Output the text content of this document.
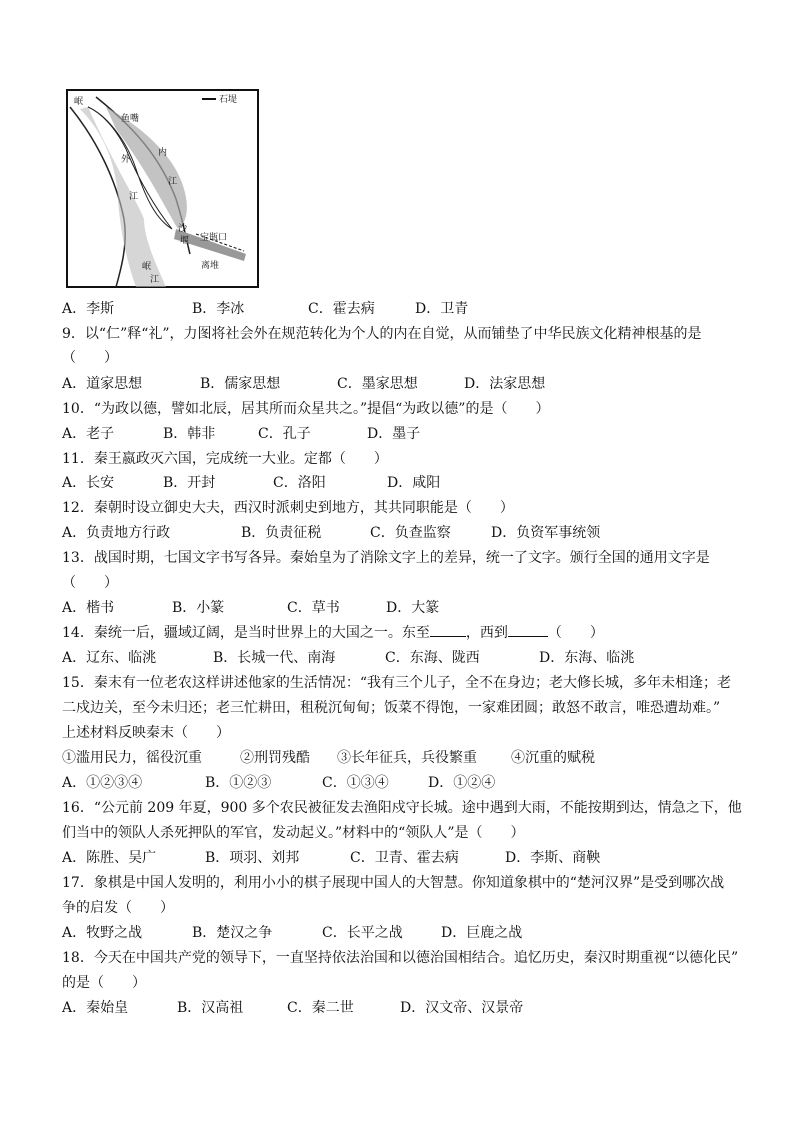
石堤
岷
鱼嘴
内
江
外
江
沙
堰 宝瓶口
离堆
岷
江
A．李斯	B．李冰	C．霍去病	D．卫青
9．以“仁”释“礼”，力图将社会外在规范转化为个人的内在自觉，从而铺垫了中华民族文化精神根基的是
（　　）
A．道家思想	B．儒家思想	C．墨家思想	D．法家思想
10．“为政以德，譬如北辰，居其所而众星共之。”提倡“为政以德”的是（　　）
A．老子	B．韩非	C．孔子	D．墨子
11．秦王嬴政灭六国，完成统一大业。定都（　　）
A．长安	B．开封	C．洛阳	D．咸阳
12．秦朝时设立御史大夫，西汉时派刺史到地方，其共同职能是（　　）
A．负责地方行政	B．负责征税	C．负查监察	D．负资军事统领
13．战国时期，七国文字书写各异。秦始皇为了消除文字上的差异，统一了文字。颁行全国的通用文字是
（　　）
A．楷书	B．小篆	C．草书	D．大篆
14．秦统一后，疆域辽阔，是当时世界上的大国之一。东至	，西到	（　　）
A．辽东、临洮	B．长城一代、南海	C．东海、陇西	D．东海、临洮
15．秦末有一位老农这样讲述他家的生活情况：“我有三个儿子，全不在身边；老大修长城，多年未相逢；老
二戍边关，至今未归还；老三忙耕田，租税沉甸甸；饭菜不得饱，一家难团圆；敢怒不敢言，唯恐遭劫难。”
上述材料反映秦末（　　）
①滥用民力，徭役沉重	②刑罚残酷 ③长年征兵，兵役繁重 ④沉重的赋税
A．①②③④	B．①②③	C．①③④	D．①②④
16．“公元前 209 年夏，900 多个农民被征发去渔阳戍守长城。途中遇到大雨，不能按期到达，情急之下，他
们当中的领队人杀死押队的军官，发动起义。”材料中的“领队人”是（　　）
A．陈胜、吴广	B．项羽、刘邦	C．卫青、霍去病	D．李斯、商鞅
17．象棋是中国人发明的，利用小小的棋子展现中国人的大智慧。你知道象棋中的“楚河汉界”是受到哪次战
争的启发（　　）
A．牧野之战	B．楚汉之争	C．长平之战	D．巨鹿之战
18．今天在中国共产党的领导下，一直坚持依法治国和以德治国相结合。追忆历史，秦汉时期重视“以德化民”
的是（　　）
A．秦始皇	B．汉高祖	C．秦二世	D．汉文帝、汉景帝
